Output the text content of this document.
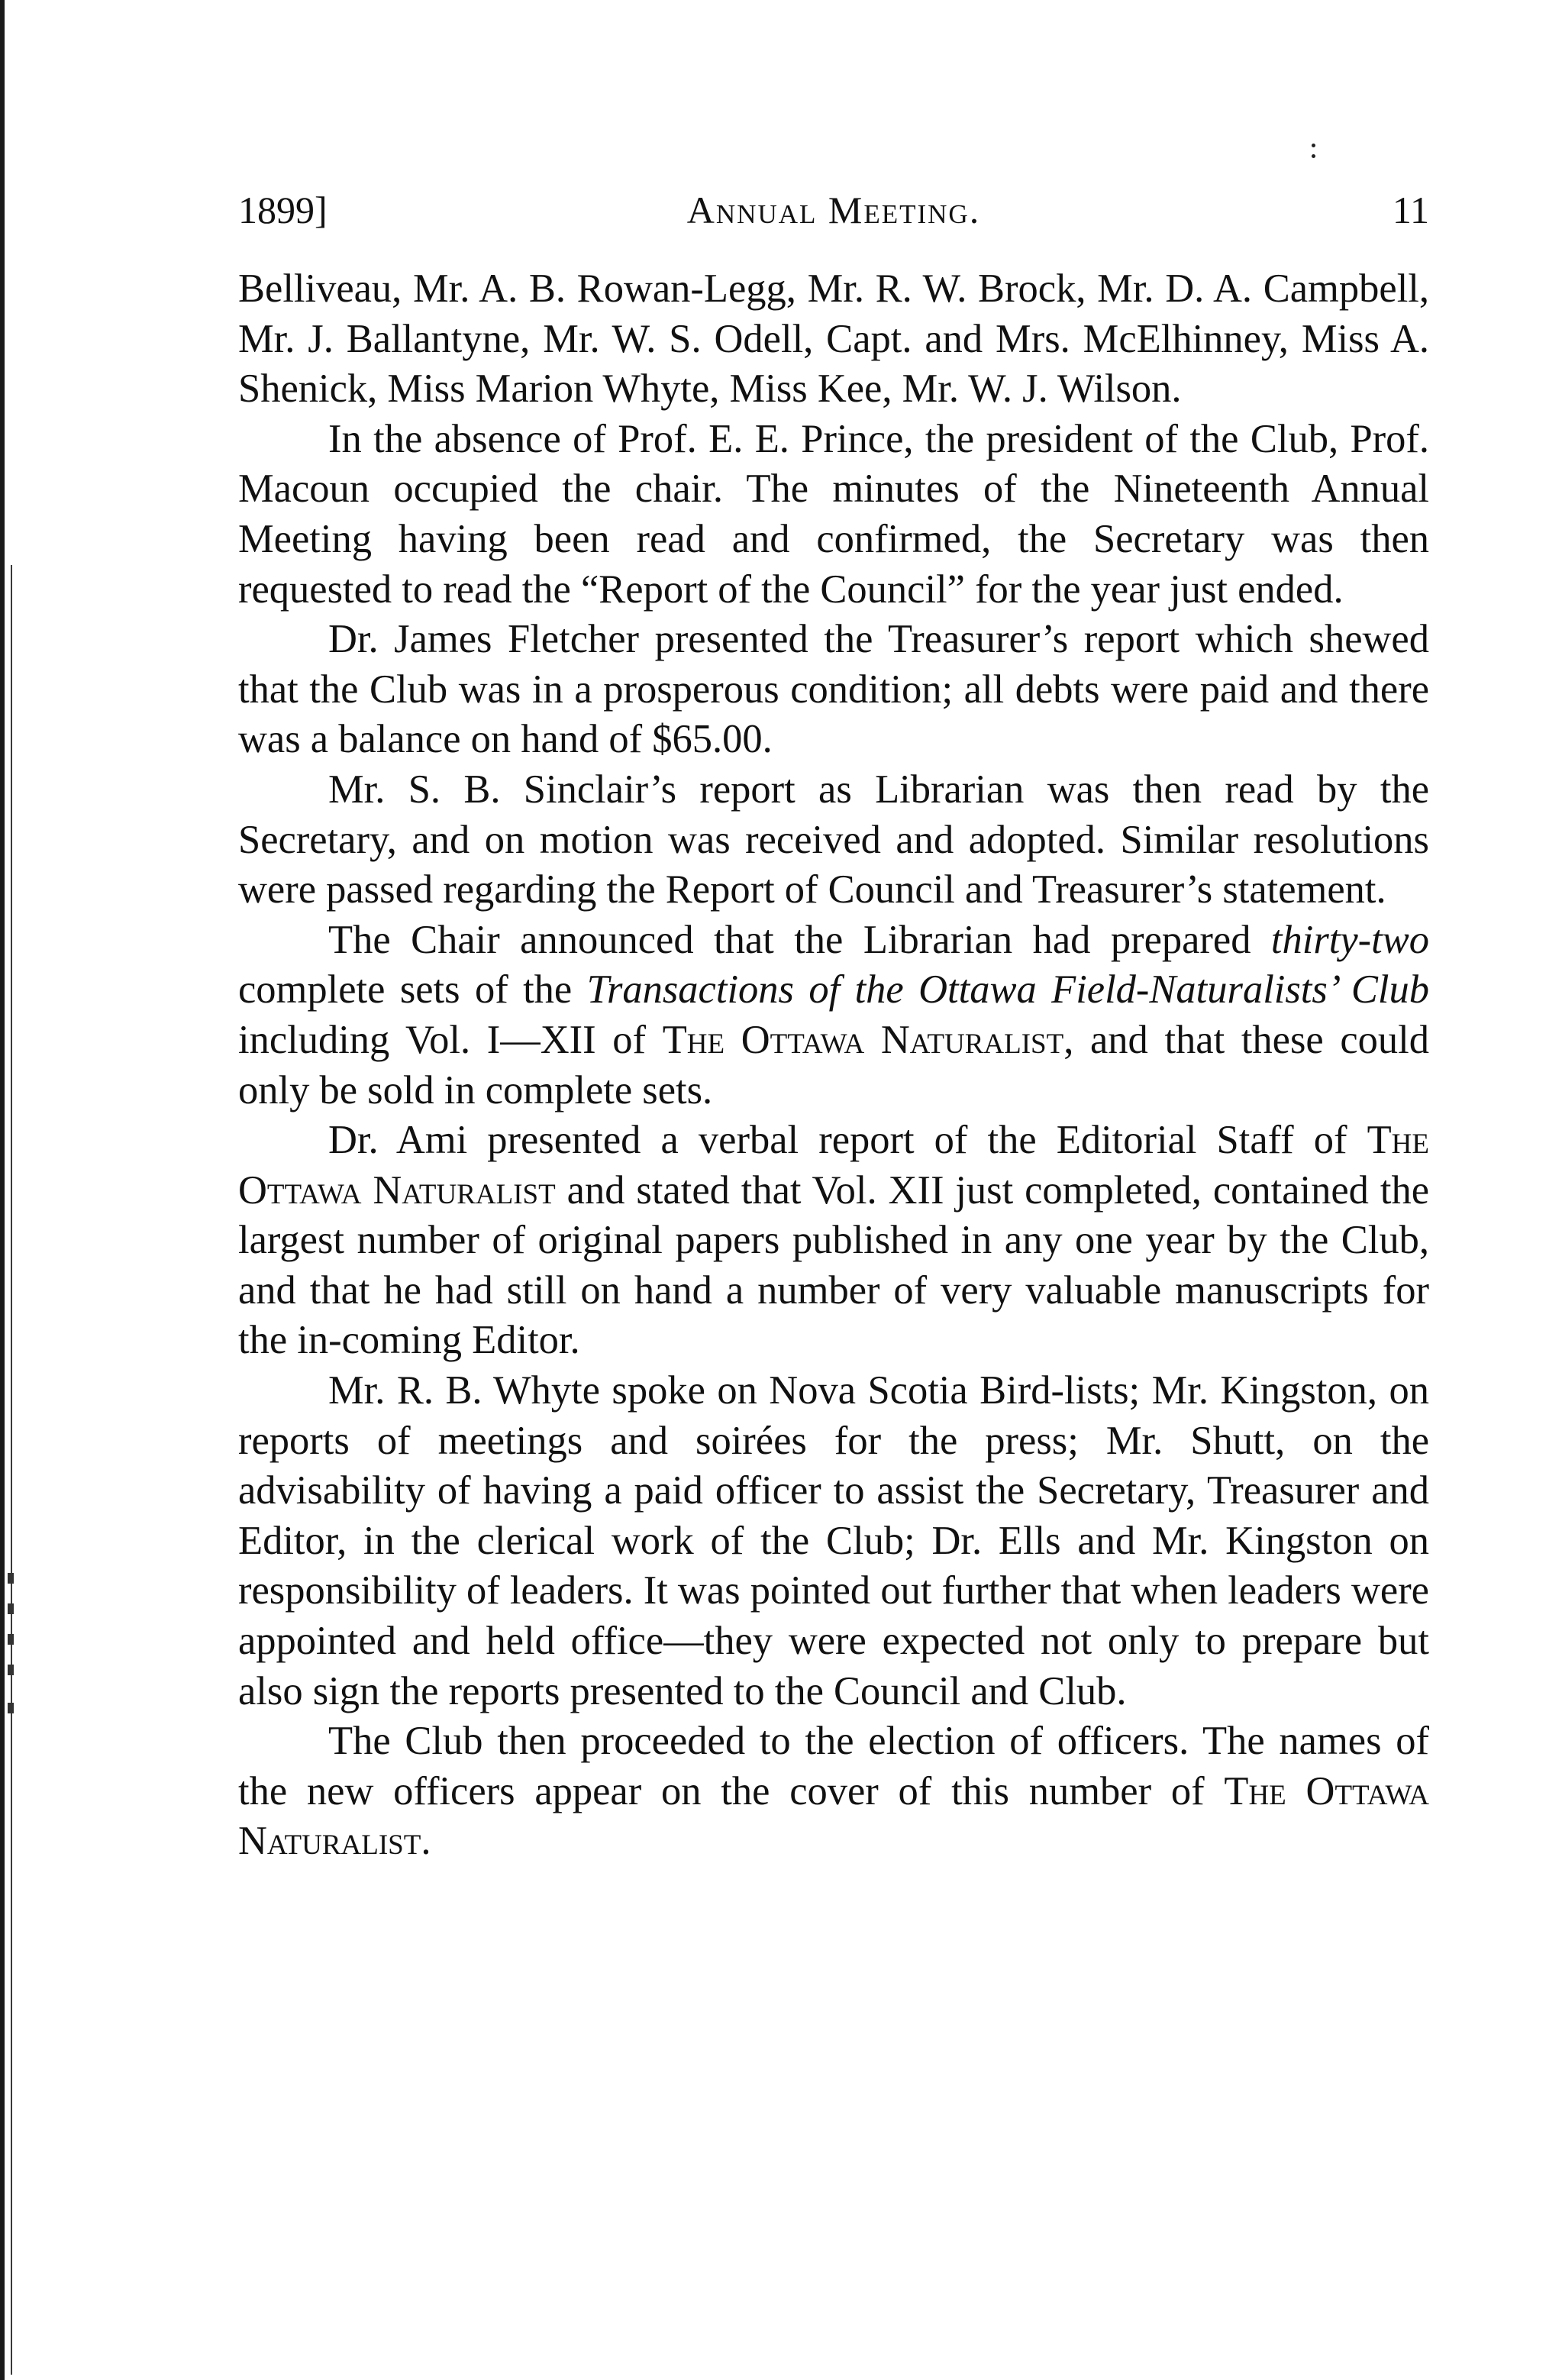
1899]	Annual Meeting.	11

Belliveau, Mr. A. B. Rowan-Legg, Mr. R. W. Brock, Mr. D. A. Campbell, Mr. J. Ballantyne, Mr. W. S. Odell, Capt. and Mrs. McElhinney, Miss A. Shenick, Miss Marion Whyte, Miss Kee, Mr. W. J. Wilson.

In the absence of Prof. E. E. Prince, the president of the Club, Prof. Macoun occupied the chair. The minutes of the Nineteenth Annual Meeting having been read and confirmed, the Secretary was then requested to read the “Report of the Council” for the year just ended.

Dr. James Fletcher presented the Treasurer’s report which shewed that the Club was in a prosperous condition; all debts were paid and there was a balance on hand of $65.00.

Mr. S. B. Sinclair’s report as Librarian was then read by the Secretary, and on motion was received and adopted. Similar resolutions were passed regarding the Report of Council and Treasurer’s statement.

The Chair announced that the Librarian had prepared thirty-two complete sets of the Transactions of the Ottawa Field-Naturalists’ Club including Vol. I—XII of The Ottawa Naturalist, and that these could only be sold in complete sets.

Dr. Ami presented a verbal report of the Editorial Staff of The Ottawa Naturalist and stated that Vol. XII just completed, contained the largest number of original papers published in any one year by the Club, and that he had still on hand a number of very valuable manuscripts for the in-coming Editor.

Mr. R. B. Whyte spoke on Nova Scotia Bird-lists; Mr. Kingston, on reports of meetings and soirées for the press; Mr. Shutt, on the advisability of having a paid officer to assist the Secretary, Treasurer and Editor, in the clerical work of the Club; Dr. Ells and Mr. Kingston on responsibility of leaders. It was pointed out further that when leaders were appointed and held office—they were expected not only to prepare but also sign the reports presented to the Council and Club.

The Club then proceeded to the election of officers. The names of the new officers appear on the cover of this number of The Ottawa Naturalist.
